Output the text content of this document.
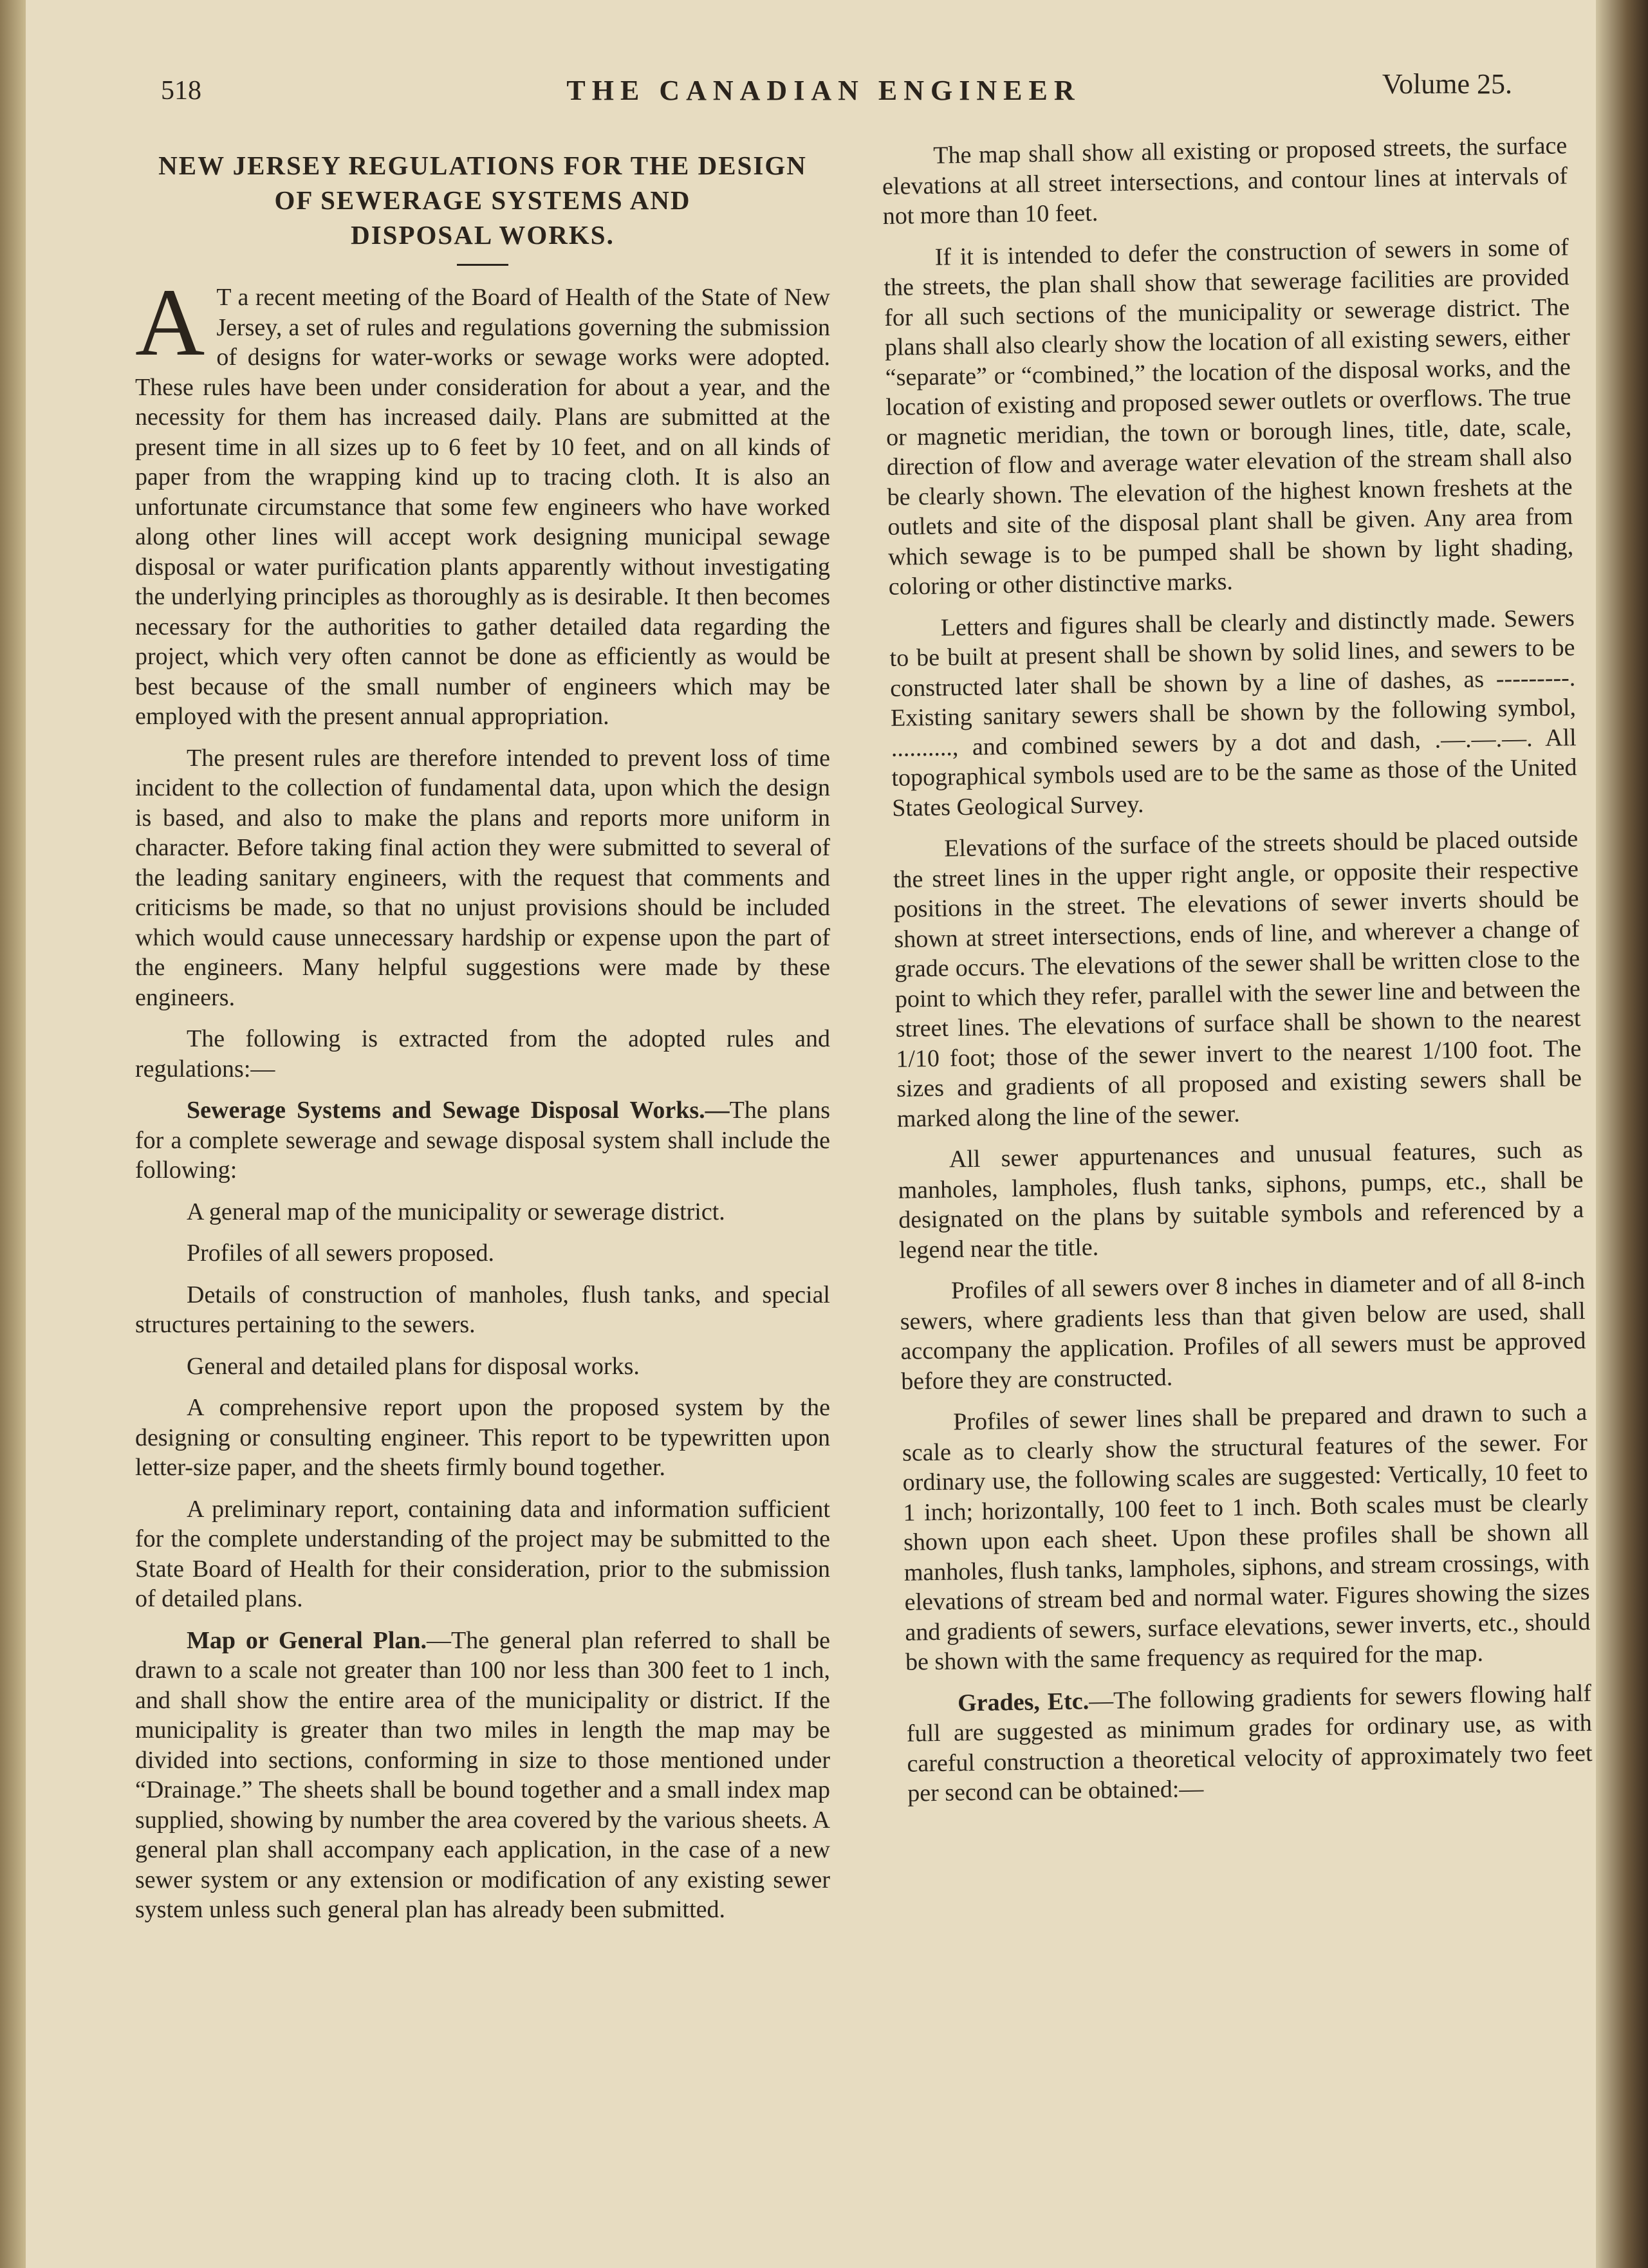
518	THE CANADIAN ENGINEER	Volume 25.
NEW JERSEY REGULATIONS FOR THE DESIGN
OF SEWERAGE SYSTEMS AND
DISPOSAL WORKS.

A T a recent meeting of the Board of Health of the State of New Jersey, a set of rules and regulations governing the submission of designs for water-works or sewage works were adopted. These rules have been under consideration for about a year, and the necessity for them has increased daily. Plans are submitted at the present time in all sizes up to 6 feet by 10 feet, and on all kinds of paper from the wrapping kind up to tracing cloth. It is also an unfortunate circumstance that some few engineers who have worked along other lines will accept work designing municipal sewage disposal or water purification plants apparently without investigating the underlying principles as thoroughly as is desirable. It then becomes necessary for the authorities to gather detailed data regarding the project, which very often cannot be done as efficiently as would be best because of the small number of engineers which may be employed with the present annual appropriation.

The present rules are therefore intended to prevent loss of time incident to the collection of fundamental data, upon which the design is based, and also to make the plans and reports more uniform in character. Before taking final action they were submitted to several of the leading sanitary engineers, with the request that comments and criticisms be made, so that no unjust provisions should be included which would cause unnecessary hardship or expense upon the part of the engineers. Many helpful suggestions were made by these engineers.

The following is extracted from the adopted rules and regulations:—

Sewerage Systems and Sewage Disposal Works.—The plans for a complete sewerage and sewage disposal system shall include the following:

A general map of the municipality or sewerage district.

Profiles of all sewers proposed.

Details of construction of manholes, flush tanks, and special structures pertaining to the sewers.

General and detailed plans for disposal works.

A comprehensive report upon the proposed system by the designing or consulting engineer. This report to be typewritten upon letter-size paper, and the sheets firmly bound together.

A preliminary report, containing data and information sufficient for the complete understanding of the project may be submitted to the State Board of Health for their consideration, prior to the submission of detailed plans.

Map or General Plan.—The general plan referred to shall be drawn to a scale not greater than 100 nor less than 300 feet to 1 inch, and shall show the entire area of the municipality or district. If the municipality is greater than two miles in length the map may be divided into sections, conforming in size to those mentioned under “Drainage.” The sheets shall be bound together and a small index map supplied, showing by number the area covered by the various sheets. A general plan shall accompany each application, in the case of a new sewer system or any extension or modification of any existing sewer system unless such general plan has already been submitted.

The map shall show all existing or proposed streets, the surface elevations at all street intersections, and contour lines at intervals of not more than 10 feet.

If it is intended to defer the construction of sewers in some of the streets, the plan shall show that sewerage facilities are provided for all such sections of the municipality or sewerage district. The plans shall also clearly show the location of all existing sewers, either “separate” or “combined,” the location of the disposal works, and the location of existing and proposed sewer outlets or overflows. The true or magnetic meridian, the town or borough lines, title, date, scale, direction of flow and average water elevation of the stream shall also be clearly shown. The elevation of the highest known freshets at the outlets and site of the disposal plant shall be given. Any area from which sewage is to be pumped shall be shown by light shading, coloring or other distinctive marks.

Letters and figures shall be clearly and distinctly made. Sewers to be built at present shall be shown by solid lines, and sewers to be constructed later shall be shown by a line of dashes, as ---------. Existing sanitary sewers shall be shown by the following symbol, .........., and combined sewers by a dot and dash, .—.—.—. All topographical symbols used are to be the same as those of the United States Geological Survey.

Elevations of the surface of the streets should be placed outside the street lines in the upper right angle, or opposite their respective positions in the street. The elevations of sewer inverts should be shown at street intersections, ends of line, and wherever a change of grade occurs. The elevations of the sewer shall be written close to the point to which they refer, parallel with the sewer line and between the street lines. The elevations of surface shall be shown to the nearest 1/10 foot; those of the sewer invert to the nearest 1/100 foot. The sizes and gradients of all proposed and existing sewers shall be marked along the line of the sewer.

All sewer appurtenances and unusual features, such as manholes, lampholes, flush tanks, siphons, pumps, etc., shall be designated on the plans by suitable symbols and referenced by a legend near the title.

Profiles of all sewers over 8 inches in diameter and of all 8-inch sewers, where gradients less than that given below are used, shall accompany the application. Profiles of all sewers must be approved before they are constructed.

Profiles of sewer lines shall be prepared and drawn to such a scale as to clearly show the structural features of the sewer. For ordinary use, the following scales are suggested: Vertically, 10 feet to 1 inch; horizontally, 100 feet to 1 inch. Both scales must be clearly shown upon each sheet. Upon these profiles shall be shown all manholes, flush tanks, lampholes, siphons, and stream crossings, with elevations of stream bed and normal water. Figures showing the sizes and gradients of sewers, surface elevations, sewer inverts, etc., should be shown with the same frequency as required for the map.

Grades, Etc.—The following gradients for sewers flowing half full are suggested as minimum grades for ordinary use, as with careful construction a theoretical velocity of approximately two feet per second can be obtained:—
